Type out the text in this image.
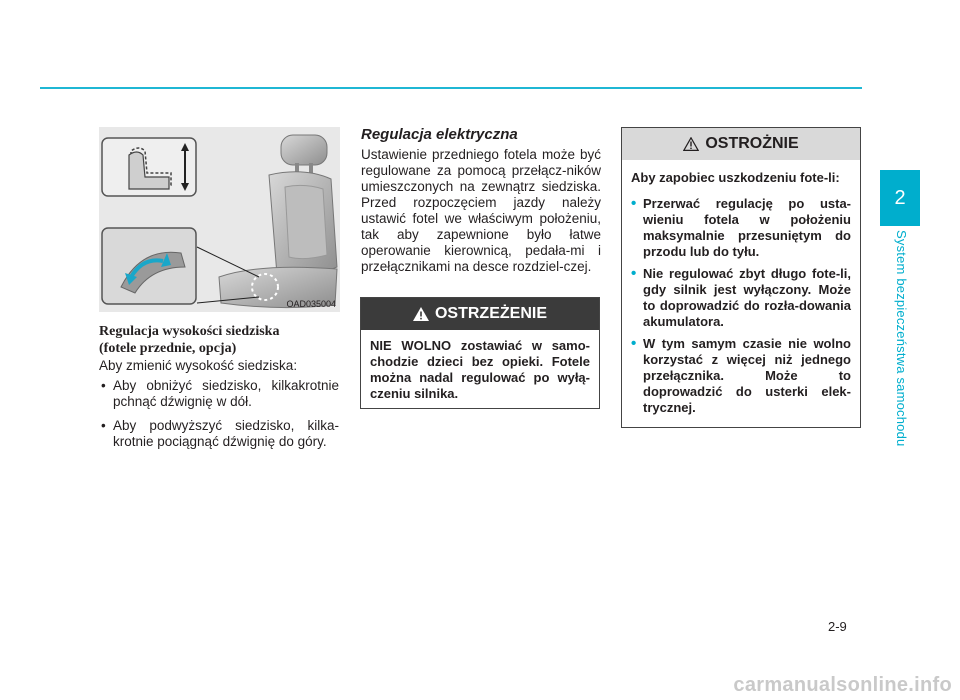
2
System bezpieczeństwa samochodu
OAD035004
Regulacja wysokości siedziska
(fotele przednie, opcja)
Aby zmienić wysokość siedziska:
• Aby obniżyć siedzisko, kilkakrotnie pchnąć dźwignię w dół.
• Aby podwyższyć siedzisko, kilka-krotnie pociągnąć dźwignię do góry.
Regulacja elektryczna
Ustawienie przedniego fotela może być regulowane za pomocą przełącz-ników umieszczonych na zewnątrz siedziska. Przed rozpoczęciem jazdy należy ustawić fotel we właściwym położeniu, tak aby zapewnione było łatwe operowanie kierownicą, pedała-mi i przełącznikami na desce rozdziel-czej.
OSTRZEŻENIE
NIE WOLNO zostawiać w samo-chodzie dzieci bez opieki. Fotele można nadal regulować po wyłą-czeniu silnika.
OSTROŻNIE
Aby zapobiec uszkodzeniu fote-li:
• Przerwać regulację po usta-wieniu fotela w położeniu maksymalnie przesuniętym do przodu lub do tyłu.
• Nie regulować zbyt długo fote-li, gdy silnik jest wyłączony. Może to doprowadzić do rozła-dowania akumulatora.
• W tym samym czasie nie wolno korzystać z więcej niż jednego przełącznika. Może to doprowadzić do usterki elek-trycznej.
2-9
carmanualsonline.info
